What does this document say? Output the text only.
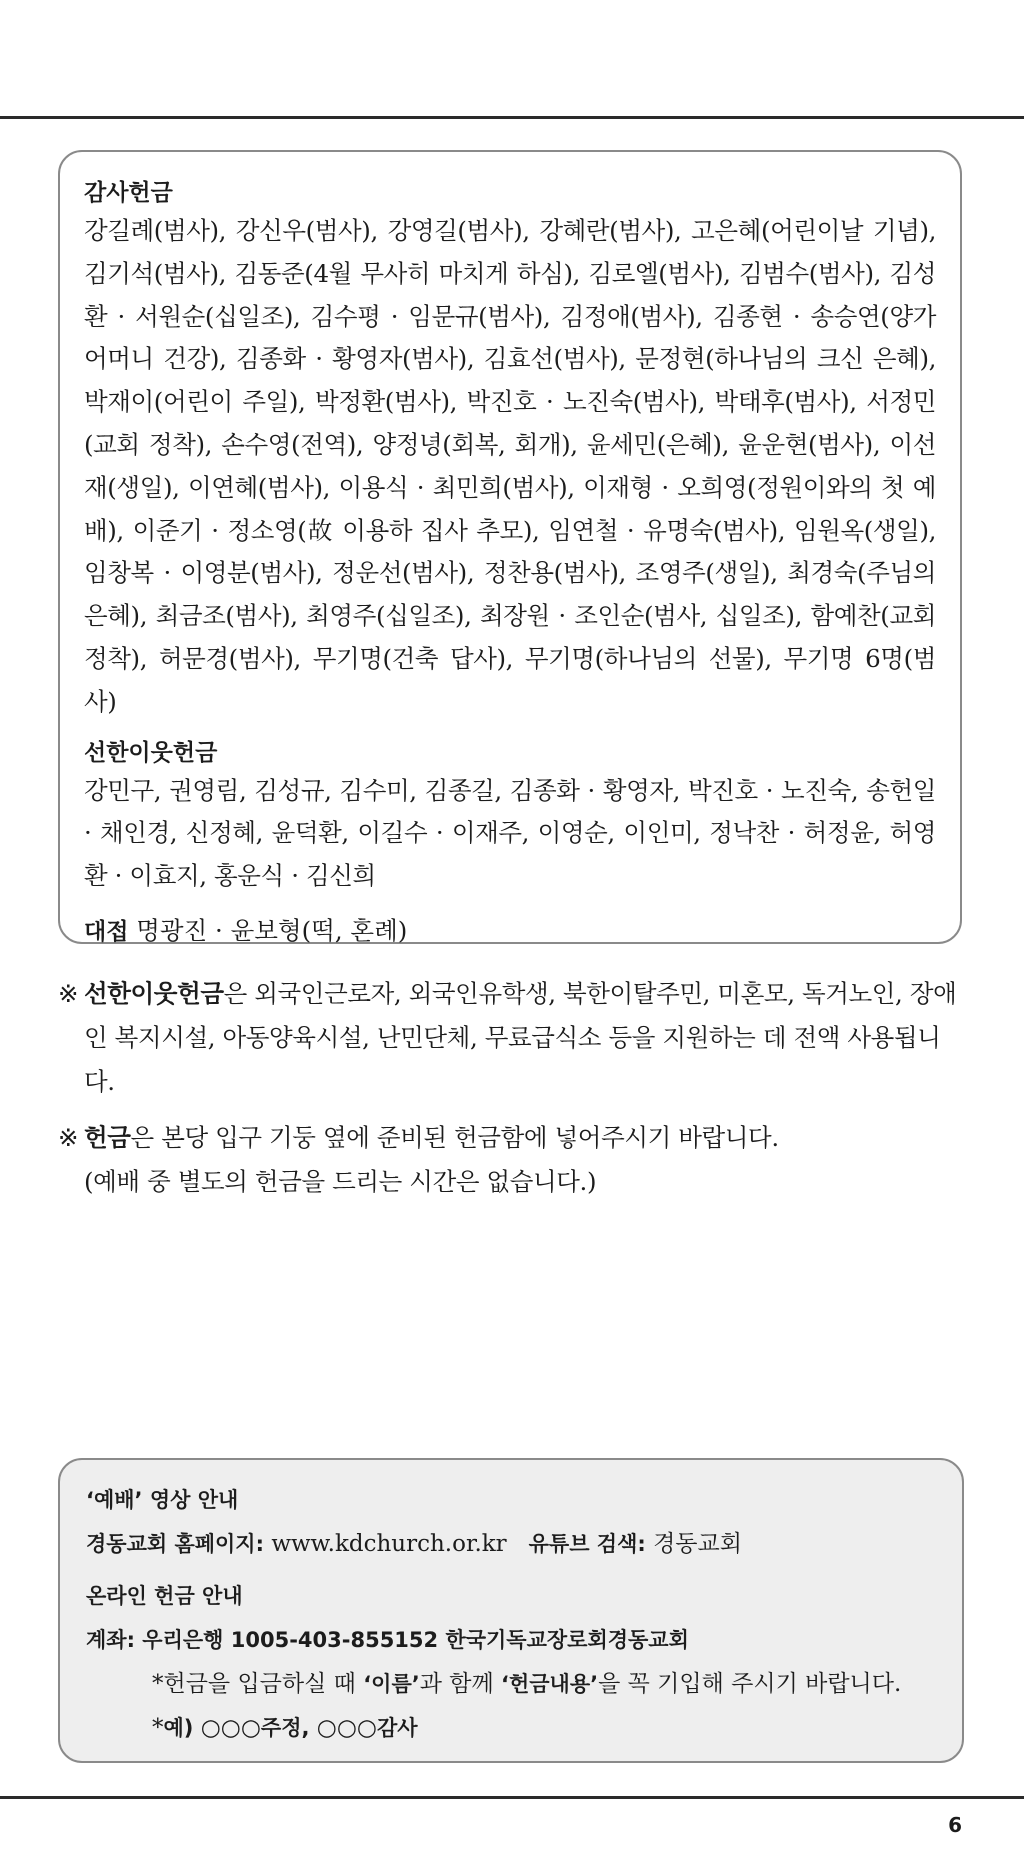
감사헌금

강길례(범사), 강신우(범사), 강영길(범사), 강혜란(범사), 고은혜(어린이날 기념), 김기석(범사), 김동준(4월 무사히 마치게 하심), 김로엘(범사), 김범수(범사), 김성환 · 서원순(십일조), 김수평 · 임문규(범사), 김정애(범사), 김종현 · 송승연(양가 어머니 건강), 김종화 · 황영자(범사), 김효선(범사), 문정현(하나님의 크신 은혜), 박재이(어린이 주일), 박정환(범사), 박진호 · 노진숙(범사), 박태후(범사), 서정민(교회 정착), 손수영(전역), 양정녕(회복, 회개), 윤세민(은혜), 윤운현(범사), 이선재(생일), 이연혜(범사), 이용식 · 최민희(범사), 이재형 · 오희영(정원이와의 첫 예배), 이준기 · 정소영(故 이용하 집사 추모), 임연철 · 유명숙(범사), 임원옥(생일), 임창복 · 이영분(범사), 정운선(범사), 정찬용(범사), 조영주(생일), 최경숙(주님의 은혜), 최금조(범사), 최영주(십일조), 최장원 · 조인순(범사, 십일조), 함예찬(교회 정착), 허문경(범사), 무기명(건축 답사), 무기명(하나님의 선물), 무기명 6명(범사)

선한이웃헌금

강민구, 권영림, 김성규, 김수미, 김종길, 김종화 · 황영자, 박진호 · 노진숙, 송헌일 · 채인경, 신정혜, 윤덕환, 이길수 · 이재주, 이영순, 이인미, 정낙찬 · 허정윤, 허영환 · 이효지, 홍운식 · 김신희

대접 명광진 · 윤보형(떡, 혼례)

※ 선한이웃헌금은 외국인근로자, 외국인유학생, 북한이탈주민, 미혼모, 독거노인, 장애인 복지시설, 아동양육시설, 난민단체, 무료급식소 등을 지원하는 데 전액 사용됩니다.
※ 헌금은 본당 입구 기둥 옆에 준비된 헌금함에 넣어주시기 바랍니다.
(예배 중 별도의 헌금을 드리는 시간은 없습니다.)

‘예배’ 영상 안내

경동교회 홈페이지: www.kdchurch.or.kr 유튜브 검색: 경동교회

온라인 헌금 안내

계좌: 우리은행 1005-403-855152 한국기독교장로회경동교회

*헌금을 입금하실 때 ‘이름’과 함께 ‘헌금내용’을 꼭 기입해 주시기 바랍니다.

*예) ○○○주정, ○○○감사

6
